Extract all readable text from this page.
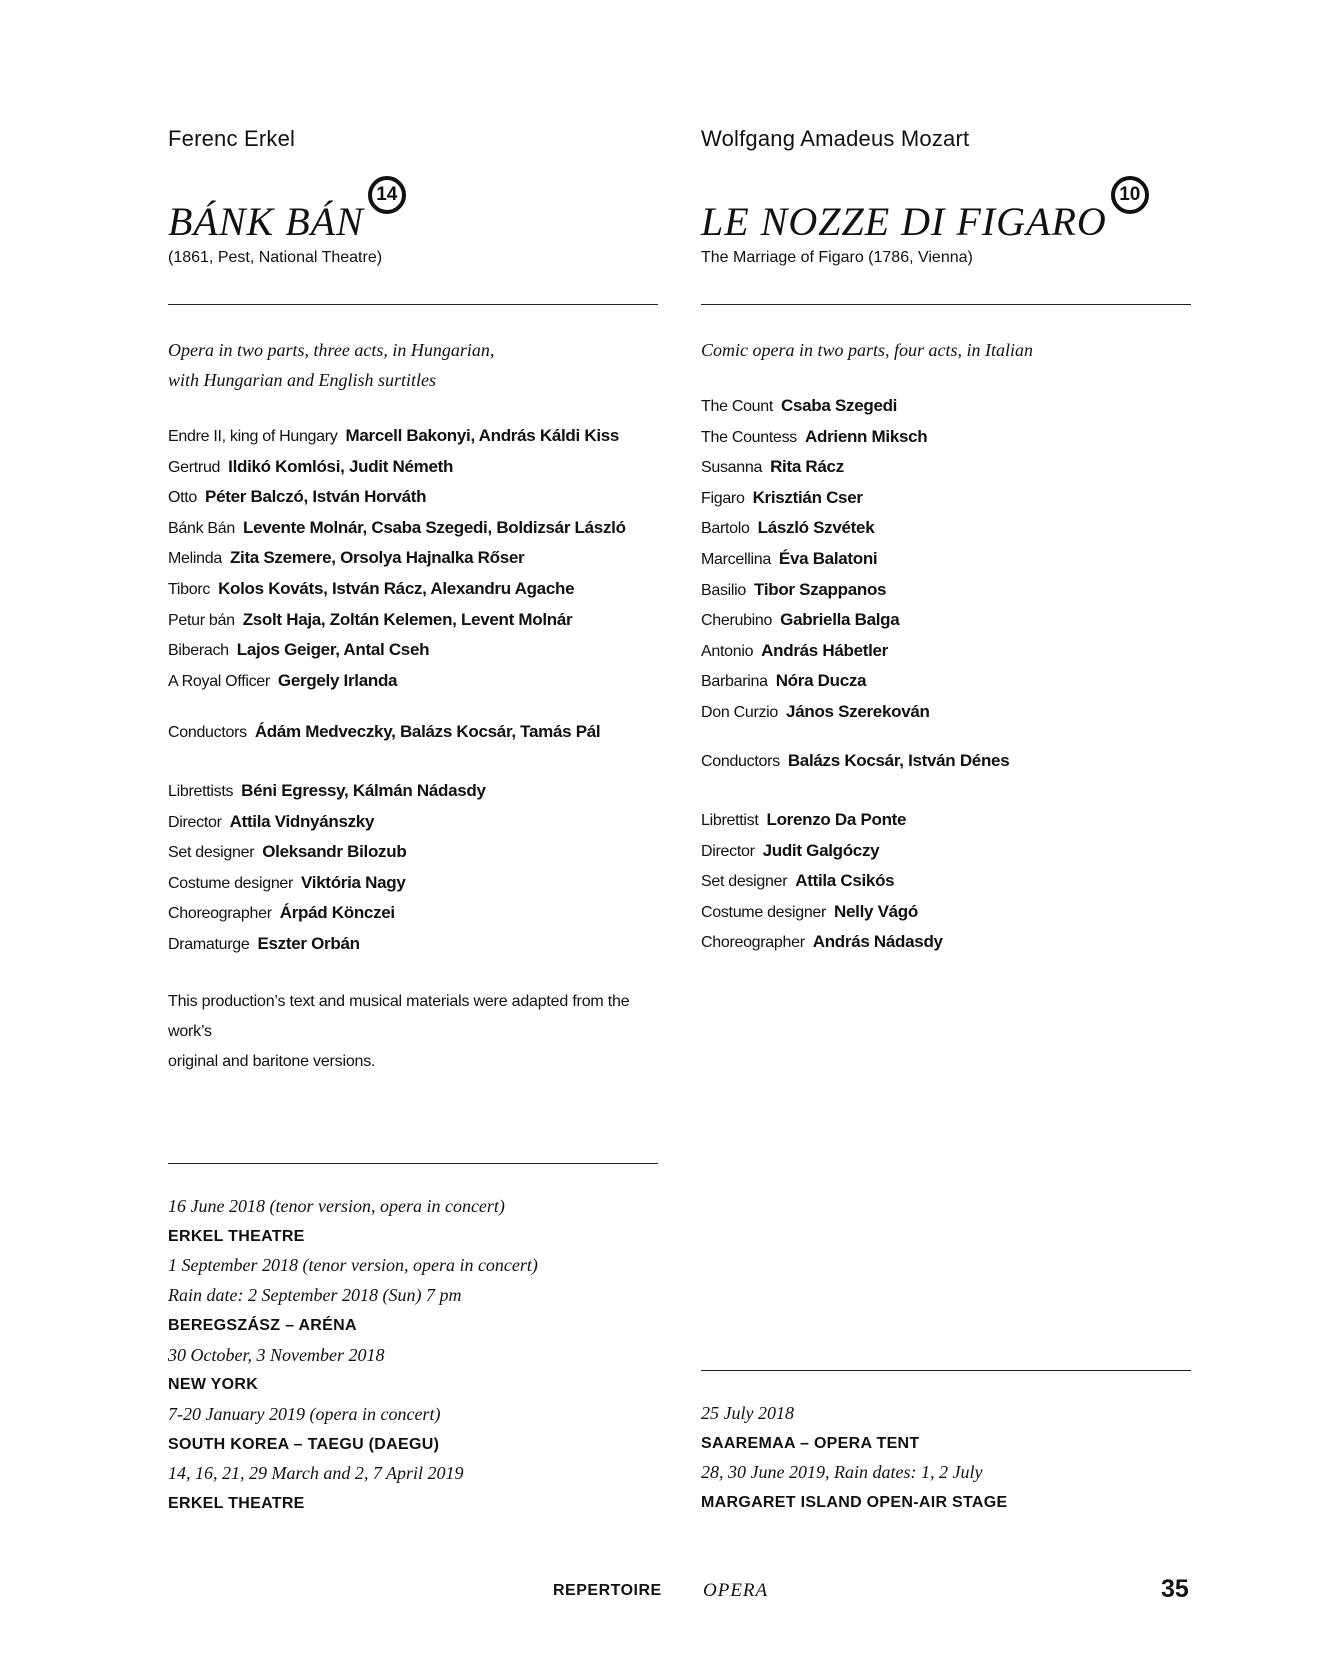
Ferenc Erkel
BÁNK BÁN14
(1861, Pest, National Theatre)
Opera in two parts, three acts, in Hungarian,
with Hungarian and English surtitles
Endre II, king of Hungary Marcell Bakonyi, András Káldi Kiss
Gertrud Ildikó Komlósi, Judit Németh
Otto Péter Balczó, István Horváth
Bánk Bán Levente Molnár, Csaba Szegedi, Boldizsár László
Melinda Zita Szemere, Orsolya Hajnalka Rőser
Tiborc Kolos Kováts, István Rácz, Alexandru Agache
Petur bán Zsolt Haja, Zoltán Kelemen, Levent Molnár
Biberach Lajos Geiger, Antal Cseh
A Royal Officer Gergely Irlanda
Conductors Ádám Medveczky, Balázs Kocsár, Tamás Pál
Librettists Béni Egressy, Kálmán Nádasdy
Director Attila Vidnyánszky
Set designer Oleksandr Bilozub
Costume designer Viktória Nagy
Choreographer Árpád Könczei
Dramaturge Eszter Orbán
This production’s text and musical materials were adapted from the work’s
original and baritone versions.
16 June 2018 (tenor version, opera in concert)
ERKEL THEATRE
1 September 2018 (tenor version, opera in concert)
Rain date: 2 September 2018 (Sun) 7 pm
BEREGSZÁSZ – ARÉNA
30 October, 3 November 2018
NEW YORK
7-20 January 2019 (opera in concert)
SOUTH KOREA – TAEGU (DAEGU)
14, 16, 21, 29 March and 2, 7 April 2019
ERKEL THEATRE
Wolfgang Amadeus Mozart
LE NOZZE DI FIGARO10
The Marriage of Figaro (1786, Vienna)
Comic opera in two parts, four acts, in Italian
The Count Csaba Szegedi
The Countess Adrienn Miksch
Susanna Rita Rácz
Figaro Krisztián Cser
Bartolo László Szvétek
Marcellina Éva Balatoni
Basilio Tibor Szappanos
Cherubino Gabriella Balga
Antonio András Hábetler
Barbarina Nóra Ducza
Don Curzio János Szerekován
Conductors Balázs Kocsár, István Dénes
Librettist Lorenzo Da Ponte
Director Judit Galgóczy
Set designer Attila Csikós
Costume designer Nelly Vágó
Choreographer András Nádasdy
25 July 2018
SAAREMAA – OPERA TENT
28, 30 June 2019, Rain dates: 1, 2 July
MARGARET ISLAND OPEN-AIR STAGE
REPERTOIRE OPERA	35
